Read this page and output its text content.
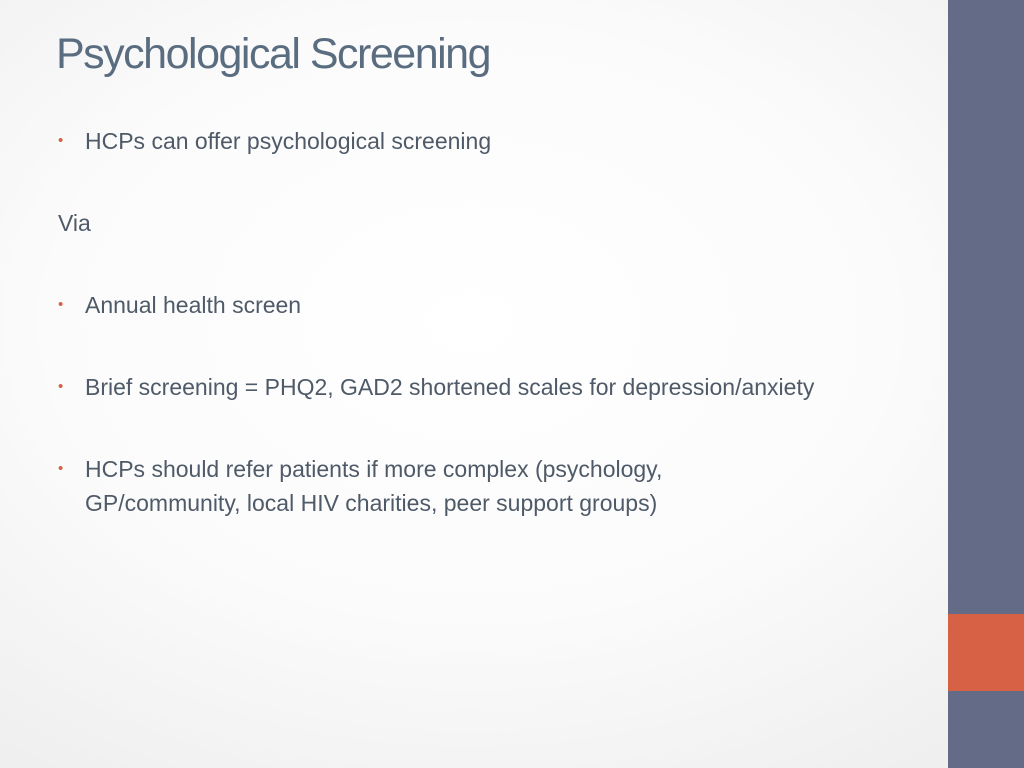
Psychological Screening
• HCPs can offer psychological screening

Via

• Annual health screen
• Brief screening = PHQ2, GAD2 shortened scales for depression/anxiety
• HCPs should refer patients if more complex (psychology, GP/community, local HIV charities, peer support groups)
